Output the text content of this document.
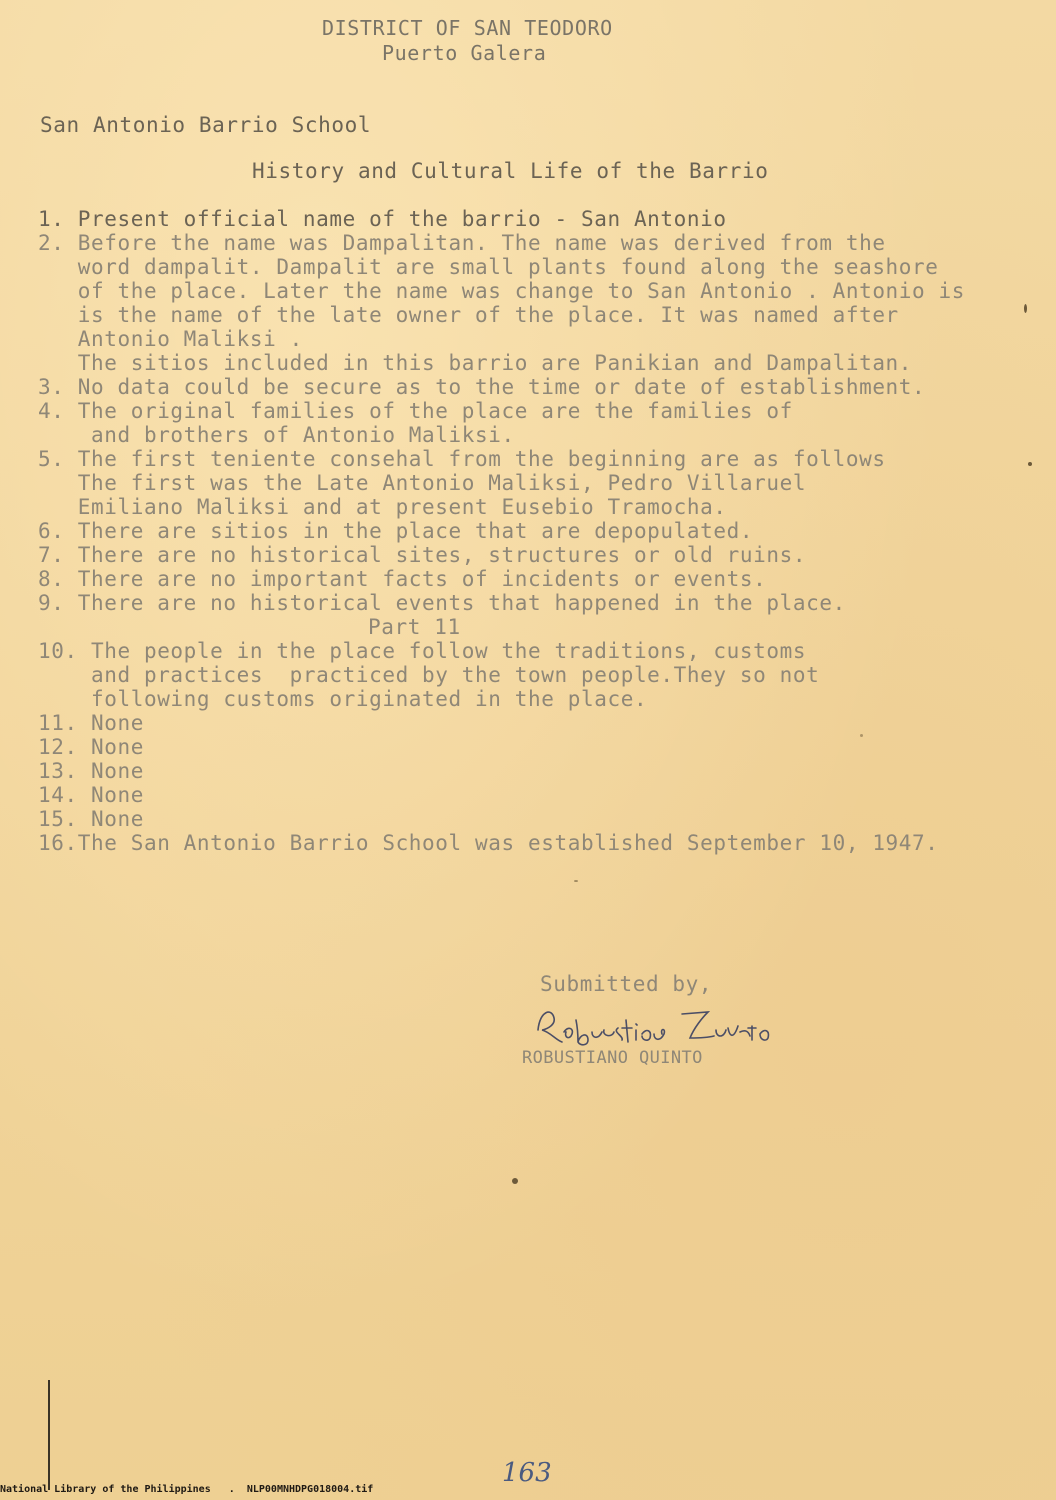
DISTRICT OF SAN TEODORO
Puerto Galera
San Antonio Barrio School
History and Cultural Life of the Barrio
1. Present official name of the barrio - San Antonio
2. Before the name was Dampalitan. The name was derived from the
word dampalit. Dampalit are small plants found along the seashore
of the place. Later the name was change to San Antonio . Antonio is
is the name of the late owner of the place. It was named after
Antonio Maliksi .
The sitios included in this barrio are Panikian and Dampalitan.
3. No data could be secure as to the time or date of establishment.
4. The original families of the place are the families of
and brothers of Antonio Maliksi.
5. The first teniente consehal from the beginning are as follows
The first was the Late Antonio Maliksi, Pedro Villaruel
Emiliano Maliksi and at present Eusebio Tramocha.
6. There are sitios in the place that are depopulated.
7. There are no historical sites, structures or old ruins.
8. There are no important facts of incidents or events.
9. There are no historical events that happened in the place.
Part 11
10. The people in the place follow the traditions, customs
and practices  practiced by the town people.They so not
following customs originated in the place.
11. None
12. None
13. None
14. None
15. None
16.The San Antonio Barrio School was established September 10, 1947.
Submitted by,
ROBUSTIANO QUINTO
163
National Library of the Philippines   .  NLP00MNHDPG018004.tif
